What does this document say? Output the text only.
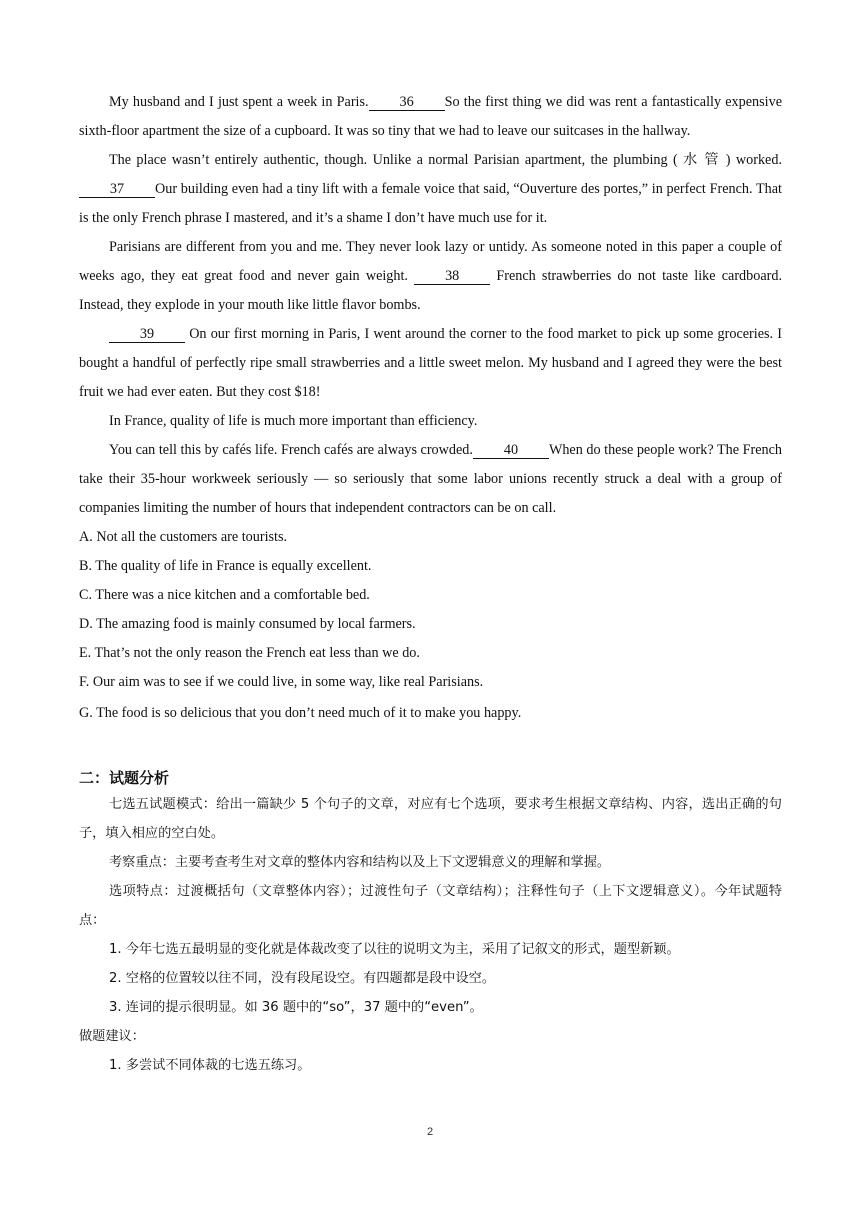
My husband and I just spent a week in Paris. 36 So the first thing we did was rent a fantastically expensive sixth-floor apartment the size of a cupboard. It was so tiny that we had to leave our suitcases in the hallway.

The place wasn’t entirely authentic, though. Unlike a normal Parisian apartment, the plumbing ( 水 管 ) worked. 37 Our building even had a tiny lift with a female voice that said, “Ouverture des portes,” in perfect French. That is the only French phrase I mastered, and it’s a shame I don’t have much use for it.

Parisians are different from you and me. They never look lazy or untidy. As someone noted in this paper a couple of weeks ago, they eat great food and never gain weight. 38 French strawberries do not taste like cardboard. Instead, they explode in your mouth like little flavor bombs.

39 On our first morning in Paris, I went around the corner to the food market to pick up some groceries. I bought a handful of perfectly ripe small strawberries and a little sweet melon. My husband and I agreed they were the best fruit we had ever eaten. But they cost $18!

In France, quality of life is much more important than efficiency.

You can tell this by cafés life. French cafés are always crowded. 40 When do these people work? The French take their 35-hour workweek seriously — so seriously that some labor unions recently struck a deal with a group of companies limiting the number of hours that independent contractors can be on call.

A. Not all the customers are tourists.

B. The quality of life in France is equally excellent.

C. There was a nice kitchen and a comfortable bed.

D. The amazing food is mainly consumed by local farmers.

E. That’s not the only reason the French eat less than we do.

F. Our aim was to see if we could live, in some way, like real Parisians.

G. The food is so delicious that you don’t need much of it to make you happy.

二：试题分析

七选五试题模式：给出一篇缺少 5 个句子的文章，对应有七个选项，要求考生根据文章结构、内容，选出正确的句子，填入相应的空白处。

考察重点：主要考查考生对文章的整体内容和结构以及上下文逻辑意义的理解和掌握。

选项特点：过渡概括句（文章整体内容）；过渡性句子（文章结构）；注释性句子（上下文逻辑意义）。今年试题特点：

1. 今年七选五最明显的变化就是体裁改变了以往的说明文为主，采用了记叙文的形式，题型新颖。

2. 空格的位置较以往不同，没有段尾设空。有四题都是段中设空。

3. 连词的提示很明显。如 36 题中的“so”，37 题中的“even”。

做题建议：

1. 多尝试不同体裁的七选五练习。

2
